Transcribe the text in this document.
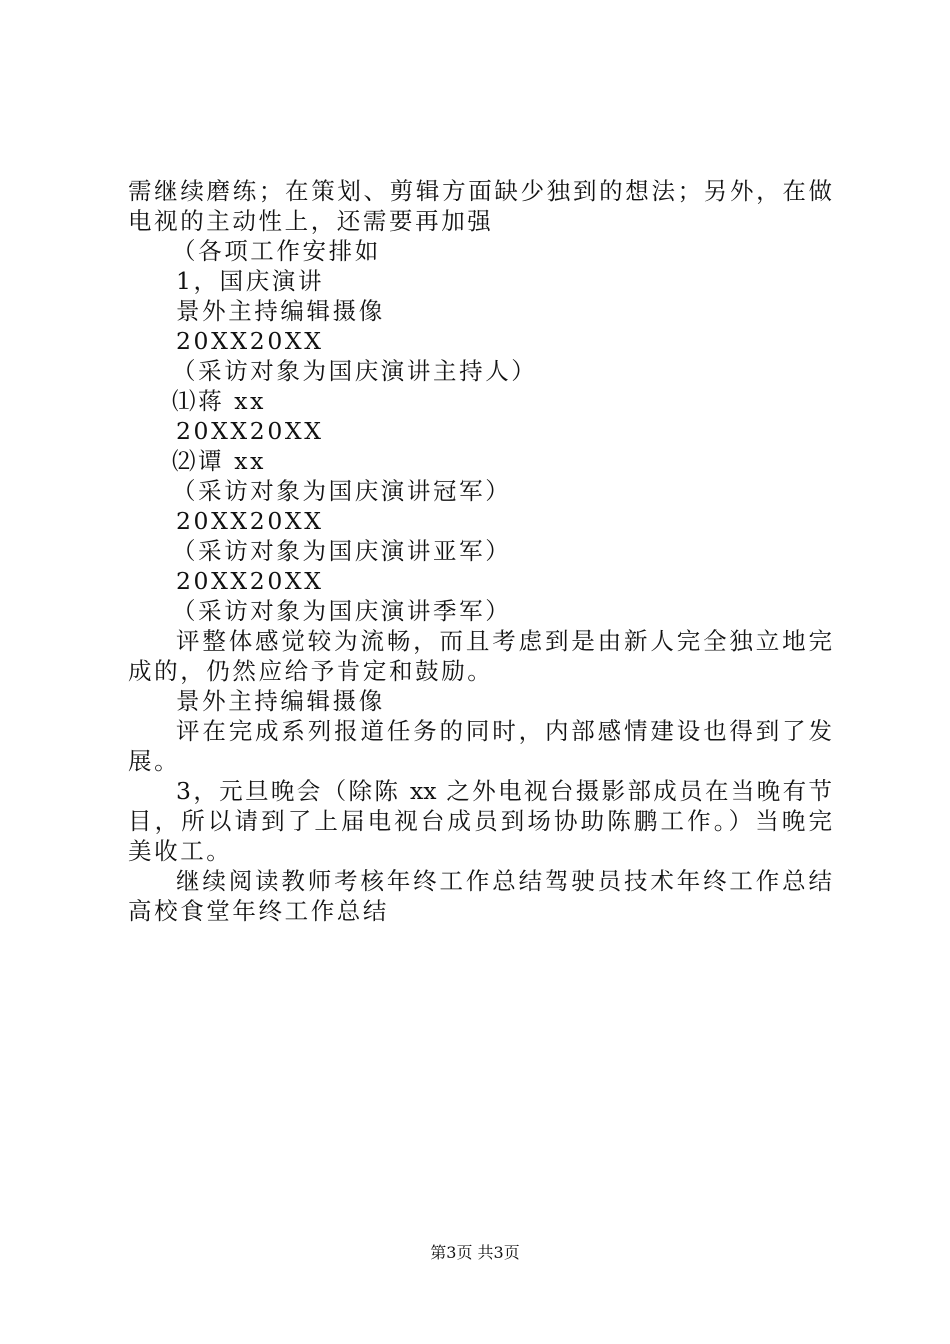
需继续磨练；在策划、剪辑方面缺少独到的想法；另外，在做
电视的主动性上，还需要再加强
（各项工作安排如
1，国庆演讲
景外主持编辑摄像
20XX20XX
（采访对象为国庆演讲主持人）
⑴蒋 xx
20XX20XX
⑵谭 xx
（采访对象为国庆演讲冠军）
20XX20XX
（采访对象为国庆演讲亚军）
20XX20XX
（采访对象为国庆演讲季军）
评整体感觉较为流畅，而且考虑到是由新人完全独立地完
成的，仍然应给予肯定和鼓励。
景外主持编辑摄像
评在完成系列报道任务的同时，内部感情建设也得到了发
展。
3，元旦晚会（除陈 xx 之外电视台摄影部成员在当晚有节
目，所以请到了上届电视台成员到场协助陈鹏工作。）当晚完
美收工。
继续阅读教师考核年终工作总结驾驶员技术年终工作总结
高校食堂年终工作总结
第3页 共3页
